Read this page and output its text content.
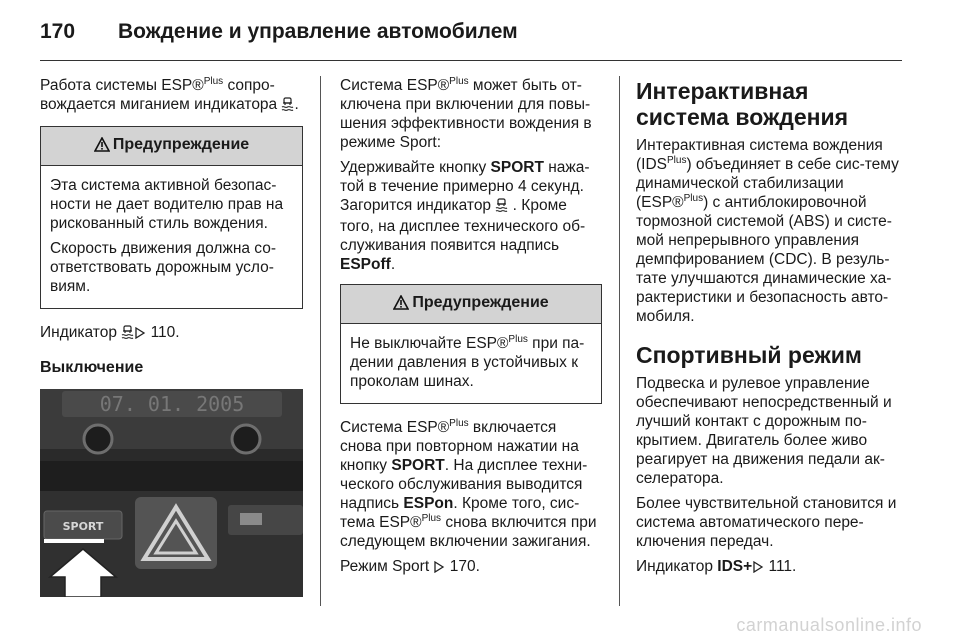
170 Вождение и управление автомобилем

Работа системы ESP®$^{Plus}$ сопро-вождается миганием индикатора .

Предупреждение

Эта система активной безопас-ности не дает водителю прав на рискованный стиль вождения.

Скорость движения должна со-ответствовать дорожным усло-виям.

Индикатор  110.

Выключение
07. 01. 2005
SPORT

Система ESP®$^{Plus}$ может быть от-ключена при включении для повы-шения эффективности вождения в режиме Sport:

Удерживайте кнопку SPORT нажа-той в течение примерно 4 секунд. Загорится индикатор  . Кроме того, на дисплее технического об-служивания появится надпись ESPoff.

Предупреждение

Не выключайте ESP®$^{Plus}$ при па-дении давления в устойчивых к проколам шинах.

Система ESP®$^{Plus}$ включается снова при повторном нажатии на кнопку SPORT. На дисплее техни-ческого обслуживания выводится надпись ESPon. Кроме того, сис-тема ESP®$^{Plus}$ снова включится при следующем включении зажигания.

Режим Sport  170.

Интерактивная система вождения

Интерактивная система вождения $(IDS^{Plus})$ объединяет в себе сис-тему динамической стабилизации (ESP®$^{Plus}$) с антиблокировочной тормозной системой (ABS) и систе-мой непрерывного управления демпфированием (CDC). В резуль-тате улучшаются динамические ха-рактеристики и безопасность авто-мобиля.

Спортивный режим

Подвеска и рулевое управление обеспечивают непосредственный и лучший контакт с дорожным по-крытием. Двигатель более живо реагирует на движения педали ак-селератора.

Более чувствительной становится и система автоматического пере-ключения передач.

Индикатор IDS+ 111.

carmanualsonline.info
